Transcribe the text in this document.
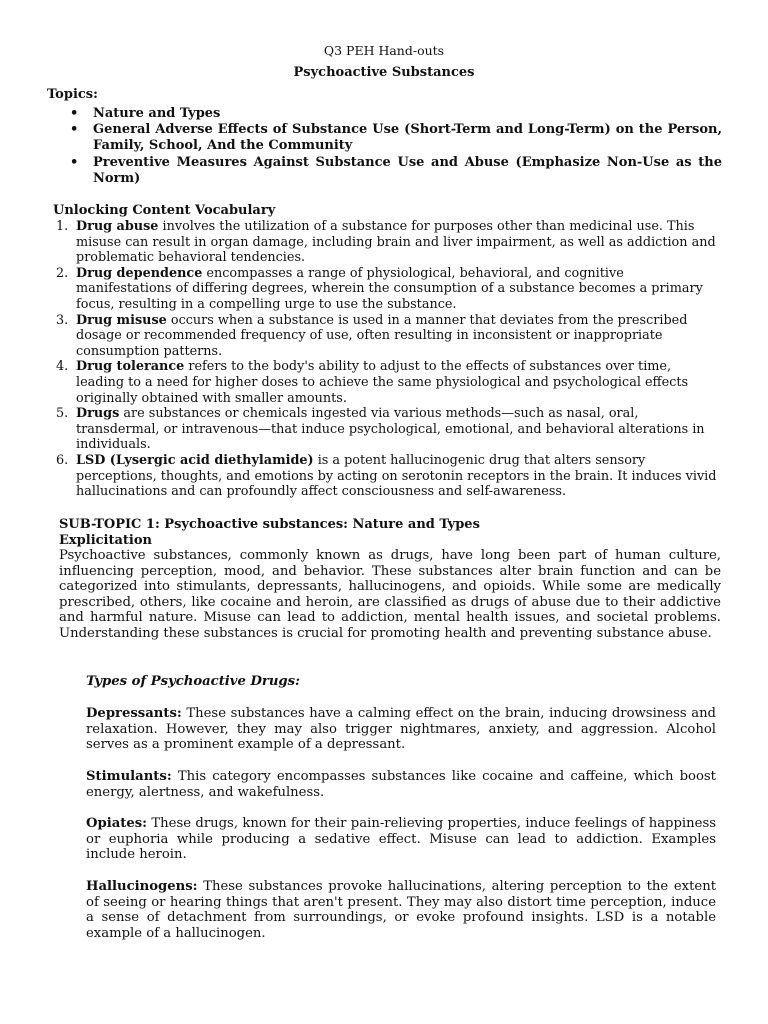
Q3 PEH Hand-outs
Psychoactive Substances
Topics:
• Nature and Types
• General Adverse Effects of Substance Use (Short-Term and Long-Term) on the Person, Family, School, And the Community
• Preventive Measures Against Substance Use and Abuse (Emphasize Non-Use as the Norm)
Unlocking Content Vocabulary
1. Drug abuse involves the utilization of a substance for purposes other than medicinal use. This misuse can result in organ damage, including brain and liver impairment, as well as addiction and problematic behavioral tendencies.
2. Drug dependence encompasses a range of physiological, behavioral, and cognitive manifestations of differing degrees, wherein the consumption of a substance becomes a primary focus, resulting in a compelling urge to use the substance.
3. Drug misuse occurs when a substance is used in a manner that deviates from the prescribed dosage or recommended frequency of use, often resulting in inconsistent or inappropriate consumption patterns.
4. Drug tolerance refers to the body's ability to adjust to the effects of substances over time, leading to a need for higher doses to achieve the same physiological and psychological effects originally obtained with smaller amounts.
5. Drugs are substances or chemicals ingested via various methods—such as nasal, oral, transdermal, or intravenous—that induce psychological, emotional, and behavioral alterations in individuals.
6. LSD (Lysergic acid diethylamide) is a potent hallucinogenic drug that alters sensory perceptions, thoughts, and emotions by acting on serotonin receptors in the brain. It induces vivid hallucinations and can profoundly affect consciousness and self-awareness.
SUB-TOPIC 1: Psychoactive substances: Nature and Types
Explicitation
Psychoactive substances, commonly known as drugs, have long been part of human culture, influencing perception, mood, and behavior. These substances alter brain function and can be categorized into stimulants, depressants, hallucinogens, and opioids. While some are medically prescribed, others, like cocaine and heroin, are classified as drugs of abuse due to their addictive and harmful nature. Misuse can lead to addiction, mental health issues, and societal problems. Understanding these substances is crucial for promoting health and preventing substance abuse.
Types of Psychoactive Drugs:
Depressants: These substances have a calming effect on the brain, inducing drowsiness and relaxation. However, they may also trigger nightmares, anxiety, and aggression. Alcohol serves as a prominent example of a depressant.
Stimulants: This category encompasses substances like cocaine and caffeine, which boost energy, alertness, and wakefulness.
Opiates: These drugs, known for their pain-relieving properties, induce feelings of happiness or euphoria while producing a sedative effect. Misuse can lead to addiction. Examples include heroin.
Hallucinogens: These substances provoke hallucinations, altering perception to the extent of seeing or hearing things that aren't present. They may also distort time perception, induce a sense of detachment from surroundings, or evoke profound insights. LSD is a notable example of a hallucinogen.
